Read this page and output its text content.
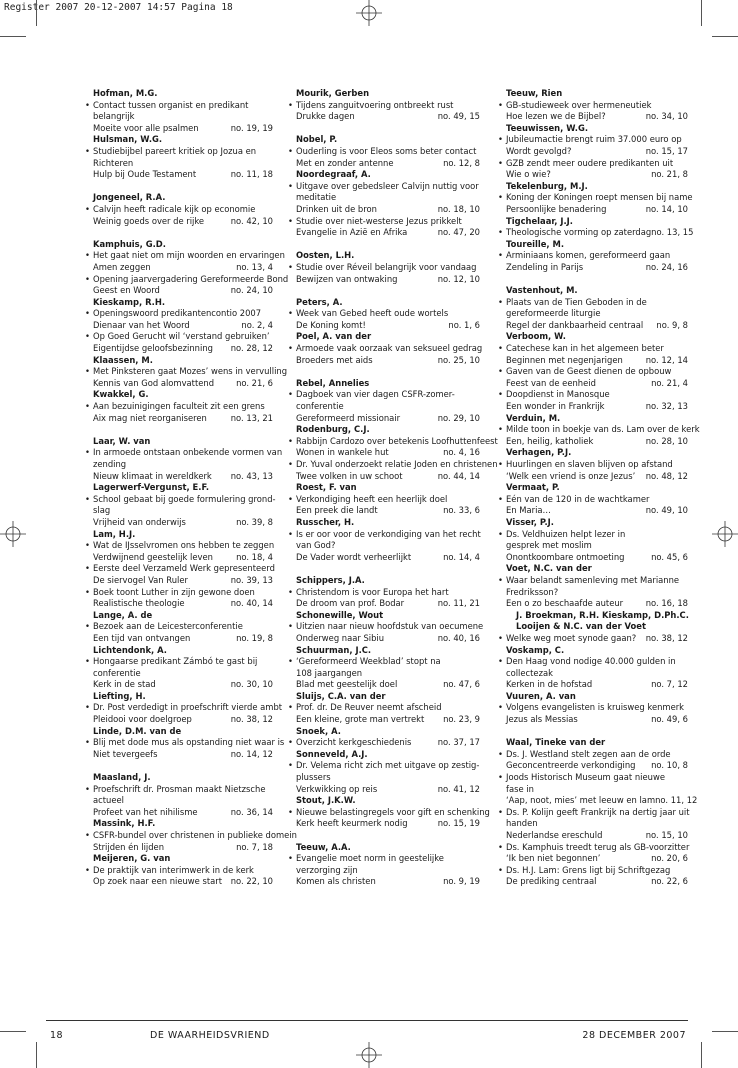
Register 2007 20-12-2007 14:57 Pagina 18
Hofman, M.G.
• Contact tussen organist en predikant
belangrijk
Moeite voor alle psalmen	no. 19, 19
Hulsman, W.G.
• Studiebijbel pareert kritiek op Jozua en
Richteren
Hulp bij Oude Testament	no. 11, 18
Jongeneel, R.A.
• Calvijn heeft radicale kijk op economie
Weinig goeds over de rijke	no. 42, 10
Kamphuis, G.D.
• Het gaat niet om mijn woorden en ervaringen
Amen zeggen	no. 13, 4
• Opening jaarvergadering Gereformeerde Bond
Geest en Woord	no. 24, 10
Kieskamp, R.H.
• Openingswoord predikantencontio 2007
Dienaar van het Woord	no. 2, 4
• Op Goed Gerucht wil ‘verstand gebruiken’
Eigentijdse geloofsbezinning no. 28, 12
Klaassen, M.
• Met Pinksteren gaat Mozes’ wens in vervulling
Kennis van God alomvattend	no. 21, 6
Kwakkel, G.
• Aan bezuinigingen faculteit zit een grens
Aix mag niet reorganiseren	no. 13, 21
Laar, W. van
• In armoede ontstaan onbekende vormen van
zending
Nieuw klimaat in wereldkerk no. 43, 13
Lagerwerf-Vergunst, E.F.
• School gebaat bij goede formulering grond-
slag
Vrijheid van onderwijs	no. 39, 8
Lam, H.J.
• Wat de IJsselvromen ons hebben te zeggen
Verdwijnend geestelijk leven	no. 18, 4
• Eerste deel Verzameld Werk gepresenteerd
De siervogel Van Ruler	no. 39, 13
• Boek toont Luther in zijn gewone doen
Realistische theologie	no. 40, 14
Lange, A. de
• Bezoek aan de Leicesterconferentie
Een tijd van ontvangen	no. 19, 8
Lichtendonk, A.
• Hongaarse predikant Zámbó te gast bij
conferentie
Kerk in de stad	no. 30, 10
Liefting, H.
• Dr. Post verdedigt in proefschrift vierde ambt
Pleidooi voor doelgroep	no. 38, 12
Linde, D.M. van de
• Blij met dode mus als opstanding niet waar is
Niet tevergeefs	no. 14, 12
Maasland, J.
• Proefschrift dr. Prosman maakt Nietzsche
actueel
Profeet van het nihilisme	no. 36, 14
Massink, H.F.
• CSFR-bundel over christenen in publieke domein
Strijden én lijden	no. 7, 18
Meijeren, G. van
• De praktijk van interimwerk in de kerk
Op zoek naar een nieuwe start no. 22, 10
Mourik, Gerben
• Tijdens zanguitvoering ontbreekt rust
Drukke dagen	no. 49, 15
Nobel, P.
• Ouderling is voor Eleos soms beter contact
Met en zonder antenne	no. 12, 8
Noordegraaf, A.
• Uitgave over gebedsleer Calvijn nuttig voor
meditatie
Drinken uit de bron	no. 18, 10
• Studie over niet-westerse Jezus prikkelt
Evangelie in Azië en Afrika	no. 47, 20
Oosten, L.H.
• Studie over Réveil belangrijk voor vandaag
Bewijzen van ontwaking	no. 12, 10
Peters, A.
• Week van Gebed heeft oude wortels
De Koning komt!	no. 1, 6
Poel, A. van der
• Armoede vaak oorzaak van seksueel gedrag
Broeders met aids	no. 25, 10
Rebel, Annelies
• Dagboek van vier dagen CSFR-zomer-
conferentie
Gereformeerd missionair	no. 29, 10
Rodenburg, C.J.
• Rabbijn Cardozo over betekenis Loofhuttenfeest
Wonen in wankele hut	no. 4, 16
• Dr. Yuval onderzoekt relatie Joden en christenen
Twee volken in uw schoot	no. 44, 14
Roest, F. van
• Verkondiging heeft een heerlijk doel
Een preek die landt	no. 33, 6
Russcher, H.
• Is er oor voor de verkondiging van het recht
van God?
De Vader wordt verheerlijkt	no. 14, 4
Schippers, J.A.
• Christendom is voor Europa het hart
De droom van prof. Bodar	no. 11, 21
Schonewille, Wout
• Uitzien naar nieuw hoofdstuk van oecumene
Onderweg naar Sibiu	no. 40, 16
Schuurman, J.C.
• ‘Gereformeerd Weekblad’ stopt na
108 jaargangen
Blad met geestelijk doel	no. 47, 6
Sluijs, C.A. van der
• Prof. dr. De Reuver neemt afscheid
Een kleine, grote man vertrekt no. 23, 9
Snoek, A.
• Overzicht kerkgeschiedenis	no. 37, 17
Sonneveld, A.J.
• Dr. Velema richt zich met uitgave op zestig-
plussers
Verkwikking op reis	no. 41, 12
Stout, J.K.W.
• Nieuwe belastingregels voor gift en schenking
Kerk heeft keurmerk nodig	no. 15, 19
Teeuw, A.A.
• Evangelie moet norm in geestelijke
verzorging zijn
Komen als christen	no. 9, 19
Teeuw, Rien
• GB-studieweek over hermeneutiek
Hoe lezen we de Bijbel?	no. 34, 10
Teeuwissen, W.G.
• Jubileumactie brengt ruim 37.000 euro op
Wordt gevolgd?	no. 15, 17
• GZB zendt meer oudere predikanten uit
Wie o wie?	no. 21, 8
Tekelenburg, M.J.
• Koning der Koningen roept mensen bij name
Persoonlijke benadering	no. 14, 10
Tigchelaar, J.J.
• Theologische vorming op zaterdag no. 13, 15
Toureille, M.
• Arminiaans komen, gereformeerd gaan
Zendeling in Parijs	no. 24, 16
Vastenhout, M.
• Plaats van de Tien Geboden in de
gereformeerde liturgie
Regel der dankbaarheid centraal no. 9, 8
Verboom, W.
• Catechese kan in het algemeen beter
Beginnen met negenjarigen	no. 12, 14
• Gaven van de Geest dienen de opbouw
Feest van de eenheid	no. 21, 4
• Doopdienst in Manosque
Een wonder in Frankrijk	no. 32, 13
Verduin, M.
• Milde toon in boekje van ds. Lam over de kerk
Een, heilig, katholiek	no. 28, 10
Verhagen, P.J.
• Huurlingen en slaven blijven op afstand
‘Welk een vriend is onze Jezus’ no. 48, 12
Vermaat, P.
• Eén van de 120 in de wachtkamer
En Maria…	no. 49, 10
Visser, P.J.
• Ds. Veldhuizen helpt lezer in
gesprek met moslim
Onontkoombare ontmoeting	no. 45, 6
Voet, N.C. van der
• Waar belandt samenleving met Marianne
Fredriksson?
Een o zo beschaafde auteur	no. 16, 18
J. Broekman, R.H. Kieskamp, D.Ph.C.
Looijen & N.C. van der Voet
• Welke weg moet synode gaan? no. 38, 12
Voskamp, C.
• Den Haag vond nodige 40.000 gulden in
collectezak
Kerken in de hofstad	no. 7, 12
Vuuren, A. van
• Volgens evangelisten is kruisweg kenmerk
Jezus als Messias	no. 49, 6
Waal, Tineke van der
• Ds. J. Westland stelt zegen aan de orde
Geconcentreerde verkondiging no. 10, 8
• Joods Historisch Museum gaat nieuwe
fase in
‘Aap, noot, mies’ met leeuw en lam no. 11, 12
• Ds. P. Kolijn geeft Frankrijk na dertig jaar uit
handen
Nederlandse ereschuld	no. 15, 10
• Ds. Kamphuis treedt terug als GB-voorzitter
‘Ik ben niet begonnen’	no. 20, 6
• Ds. H.J. Lam: Grens ligt bij Schriftgezag
De prediking centraal	no. 22, 6
18	DE WAARHEIDSVRIEND	28 DECEMBER 2007
